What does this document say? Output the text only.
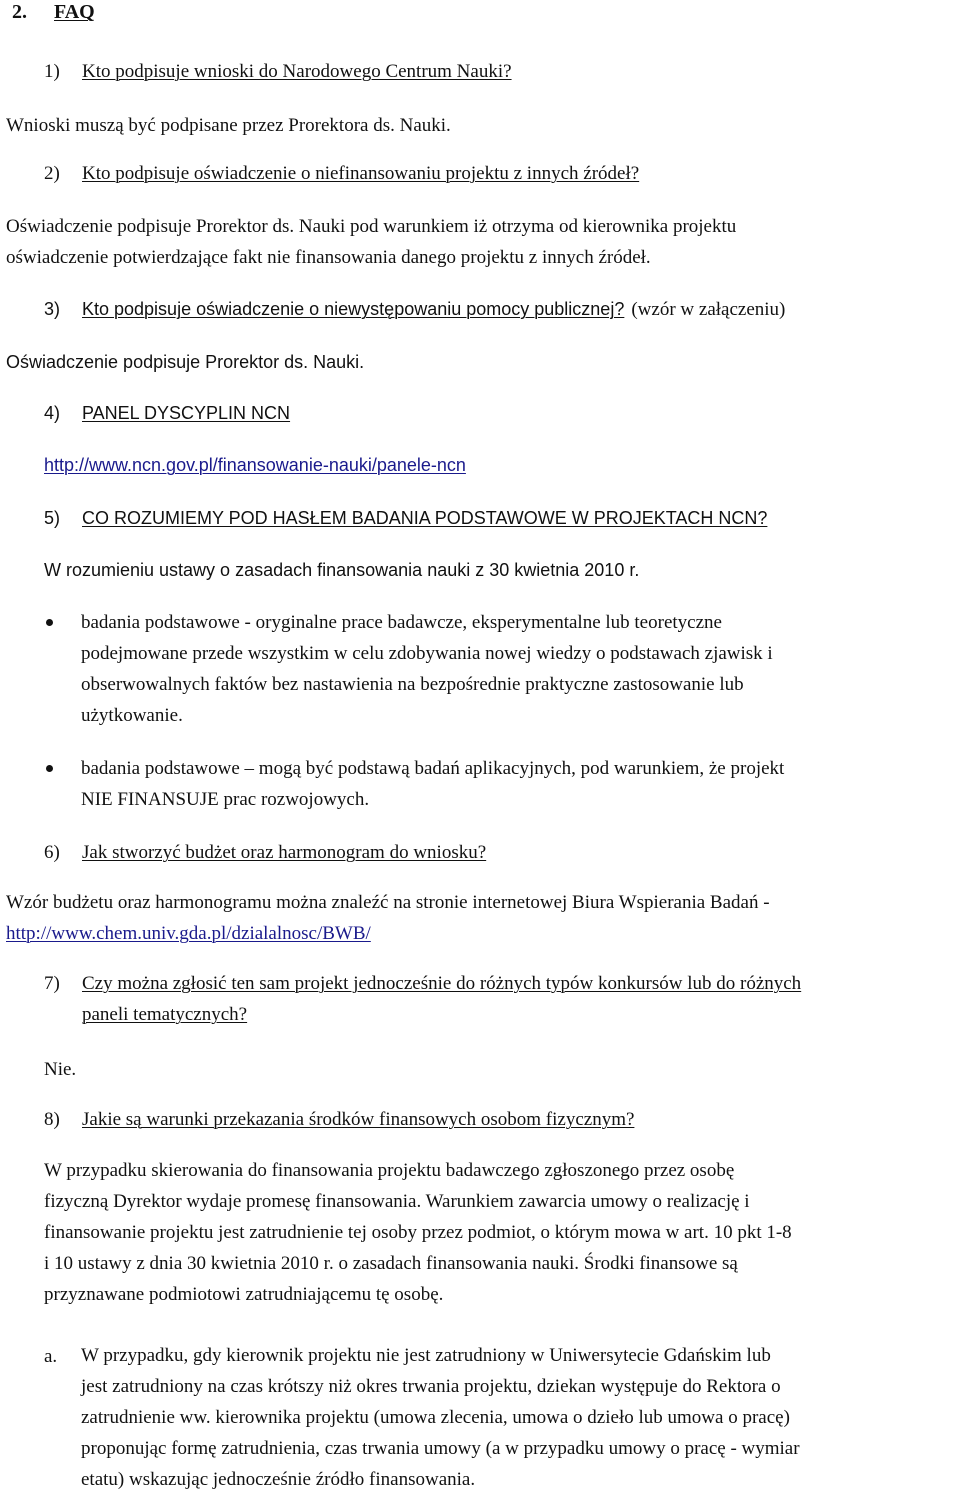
2. FAQ
1) Kto podpisuje wnioski do Narodowego Centrum Nauki?
Wnioski muszą być podpisane przez Prorektora ds. Nauki.
2) Kto podpisuje oświadczenie o niefinansowaniu projektu z innych źródeł?
Oświadczenie podpisuje Prorektor ds. Nauki pod warunkiem iż otrzyma od kierownika projektu
oświadczenie potwierdzające fakt nie finansowania danego projektu z innych źródeł.
3) Kto podpisuje oświadczenie o niewystępowaniu pomocy publicznej? (wzór w załączeniu)
Oświadczenie podpisuje Prorektor ds. Nauki.
4) PANEL DYSCYPLIN NCN
http://www.ncn.gov.pl/finansowanie-nauki/panele-ncn
5) CO ROZUMIEMY POD HASŁEM BADANIA PODSTAWOWE W PROJEKTACH NCN?
W rozumieniu ustawy o zasadach finansowania nauki z 30 kwietnia 2010 r.
badania podstawowe - oryginalne prace badawcze, eksperymentalne lub teoretyczne
podejmowane przede wszystkim w celu zdobywania nowej wiedzy o podstawach zjawisk i
obserwowalnych faktów bez nastawienia na bezpośrednie praktyczne zastosowanie lub
użytkowanie.
badania podstawowe – mogą być podstawą badań aplikacyjnych, pod warunkiem, że projekt
NIE FINANSUJE prac rozwojowych.
6) Jak stworzyć budżet oraz harmonogram do wniosku?
Wzór budżetu oraz harmonogramu można znaleźć na stronie internetowej Biura Wspierania Badań -
http://www.chem.univ.gda.pl/dzialalnosc/BWB/
7) Czy można zgłosić ten sam projekt jednocześnie do różnych typów konkursów lub do różnych
paneli tematycznych?
Nie.
8) Jakie są warunki przekazania środków finansowych osobom fizycznym?
W przypadku skierowania do finansowania projektu badawczego zgłoszonego przez osobę
fizyczną Dyrektor wydaje promesę finansowania. Warunkiem zawarcia umowy o realizację i
finansowanie projektu jest zatrudnienie tej osoby przez podmiot, o którym mowa w art. 10 pkt 1-8
i 10 ustawy z dnia 30 kwietnia 2010 r. o zasadach finansowania nauki. Środki finansowe są
przyznawane podmiotowi zatrudniającemu tę osobę.
a. W przypadku, gdy kierownik projektu nie jest zatrudniony w Uniwersytecie Gdańskim lub
jest zatrudniony na czas krótszy niż okres trwania projektu, dziekan występuje do Rektora o
zatrudnienie ww. kierownika projektu (umowa zlecenia, umowa o dzieło lub umowa o pracę)
proponując formę zatrudnienia, czas trwania umowy (a w przypadku umowy o pracę - wymiar
etatu) wskazując jednocześnie źródło finansowania.
